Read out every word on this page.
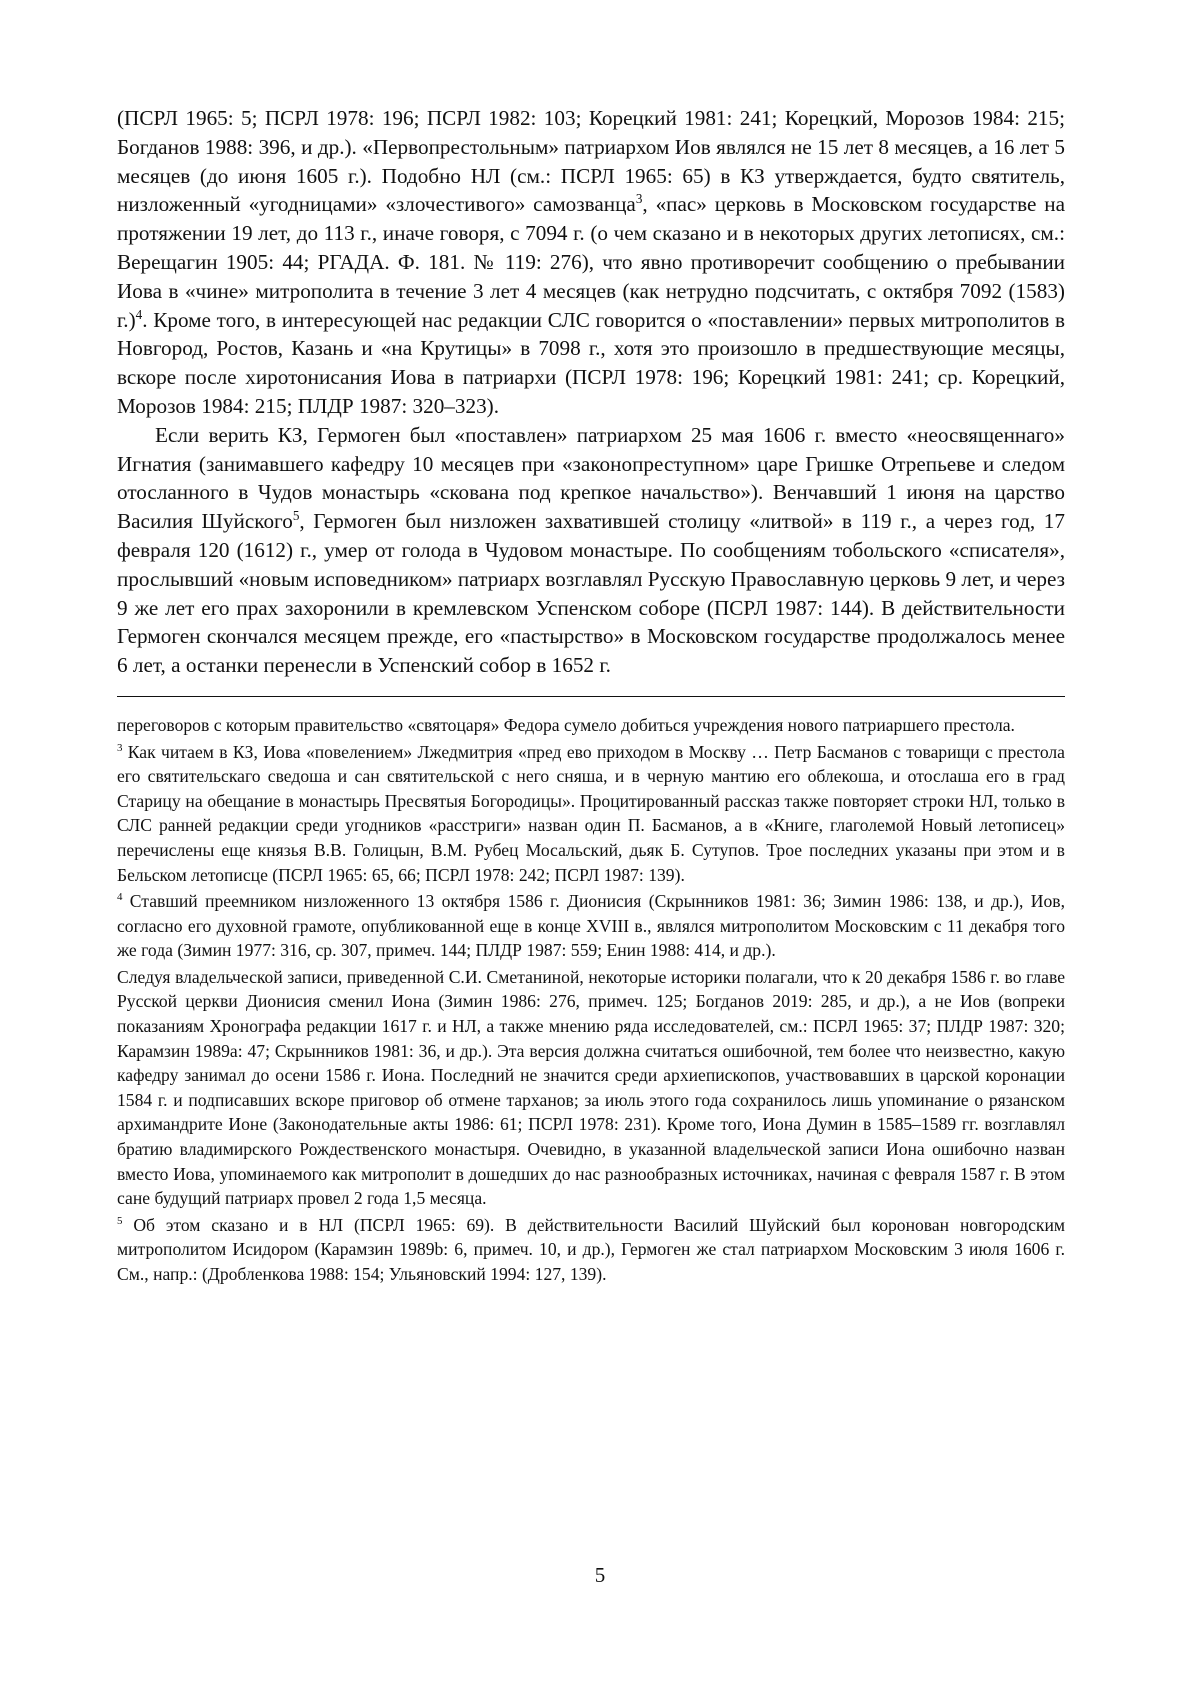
(ПСРЛ 1965: 5; ПСРЛ 1978: 196; ПСРЛ 1982: 103; Корецкий 1981: 241; Корецкий, Морозов 1984: 215; Богданов 1988: 396, и др.). «Первопрестольным» патриархом Иов являлся не 15 лет 8 месяцев, а 16 лет 5 месяцев (до июня 1605 г.). Подобно НЛ (см.: ПСРЛ 1965: 65) в КЗ утверждается, будто святитель, низложенный «угодницами» «злочестивого» самозванца$^3$, «пас» церковь в Московском государстве на протяжении 19 лет, до 113 г., иначе говоря, с 7094 г. (о чем сказано и в некоторых других летописях, см.: Верещагин 1905: 44; РГАДА. Ф. 181. № 119: 276), что явно противоречит сообщению о пребывании Иова в «чине» митрополита в течение 3 лет 4 месяцев (как нетрудно подсчитать, с октября 7092 (1583) г.)$^4$. Кроме того, в интересующей нас редакции СЛС говорится о «поставлении» первых митрополитов в Новгород, Ростов, Казань и «на Крутицы» в 7098 г., хотя это произошло в предшествующие месяцы, вскоре после хиротонисания Иова в патриархи (ПСРЛ 1978: 196; Корецкий 1981: 241; ср. Корецкий, Морозов 1984: 215; ПЛДР 1987: 320–323).

Если верить КЗ, Гермоген был «поставлен» патриархом 25 мая 1606 г. вместо «неосвященнаго» Игнатия (занимавшего кафедру 10 месяцев при «законопреступном» царе Гришке Отрепьеве и следом отосланного в Чудов монастырь «скована под крепкое начальство»). Венчавший 1 июня на царство Василия Шуйского$^5$, Гермоген был низложен захватившей столицу «литвой» в 119 г., а через год, 17 февраля 120 (1612) г., умер от голода в Чудовом монастыре. По сообщениям тобольского «списателя», прослывший «новым исповедником» патриарх возглавлял Русскую Православную церковь 9 лет, и через 9 же лет его прах захоронили в кремлевском Успенском соборе (ПСРЛ 1987: 144). В действительности Гермоген скончался месяцем прежде, его «пастырство» в Московском государстве продолжалось менее 6 лет, а останки перенесли в Успенский собор в 1652 г.

переговоров с которым правительство «святоцаря» Федора сумело добиться учреждения нового патриаршего престола.

$^3$ Как читаем в КЗ, Иова «повелением» Лжедмитрия «пред ево приходом в Москву … Петр Басманов с товарищи с престола его святительскаго сведоша и сан святительской с него сняша, и в черную мантию его облекоша, и отослаша его в град Старицу на обещание в монастырь Пресвятыя Богородицы». Процитированный рассказ также повторяет строки НЛ, только в СЛС ранней редакции среди угодников «расстриги» назван один П. Басманов, а в «Книге, глаголемой Новый летописец» перечислены еще князья В.В. Голицын, В.М. Рубец Мосальский, дьяк Б. Сутупов. Трое последних указаны при этом и в Бельском летописце (ПСРЛ 1965: 65, 66; ПСРЛ 1978: 242; ПСРЛ 1987: 139).

$^4$ Ставший преемником низложенного 13 октября 1586 г. Дионисия (Скрынников 1981: 36; Зимин 1986: 138, и др.), Иов, согласно его духовной грамоте, опубликованной еще в конце XVIII в., являлся митрополитом Московским с 11 декабря того же года (Зимин 1977: 316, ср. 307, примеч. 144; ПЛДР 1987: 559; Енин 1988: 414, и др.).

Следуя владельческой записи, приведенной С.И. Сметаниной, некоторые историки полагали, что к 20 декабря 1586 г. во главе Русской церкви Дионисия сменил Иона (Зимин 1986: 276, примеч. 125; Богданов 2019: 285, и др.), а не Иов (вопреки показаниям Хронографа редакции 1617 г. и НЛ, а также мнению ряда исследователей, см.: ПСРЛ 1965: 37; ПЛДР 1987: 320; Карамзин 1989а: 47; Скрынников 1981: 36, и др.). Эта версия должна считаться ошибочной, тем более что неизвестно, какую кафедру занимал до осени 1586 г. Иона. Последний не значится среди архиепископов, участвовавших в царской коронации 1584 г. и подписавших вскоре приговор об отмене тарханов; за июль этого года сохранилось лишь упоминание о рязанском архимандрите Ионе (Законодательные акты 1986: 61; ПСРЛ 1978: 231). Кроме того, Иона Думин в 1585–1589 гг. возглавлял братию владимирского Рождественского монастыря. Очевидно, в указанной владельческой записи Иона ошибочно назван вместо Иова, упоминаемого как митрополит в дошедших до нас разнообразных источниках, начиная с февраля 1587 г. В этом сане будущий патриарх провел 2 года 1,5 месяца.

$^5$ Об этом сказано и в НЛ (ПСРЛ 1965: 69). В действительности Василий Шуйский был коронован новгородским митрополитом Исидором (Карамзин 1989b: 6, примеч. 10, и др.), Гермоген же стал патриархом Московским 3 июля 1606 г. См., напр.: (Дробленкова 1988: 154; Ульяновский 1994: 127, 139).

5
